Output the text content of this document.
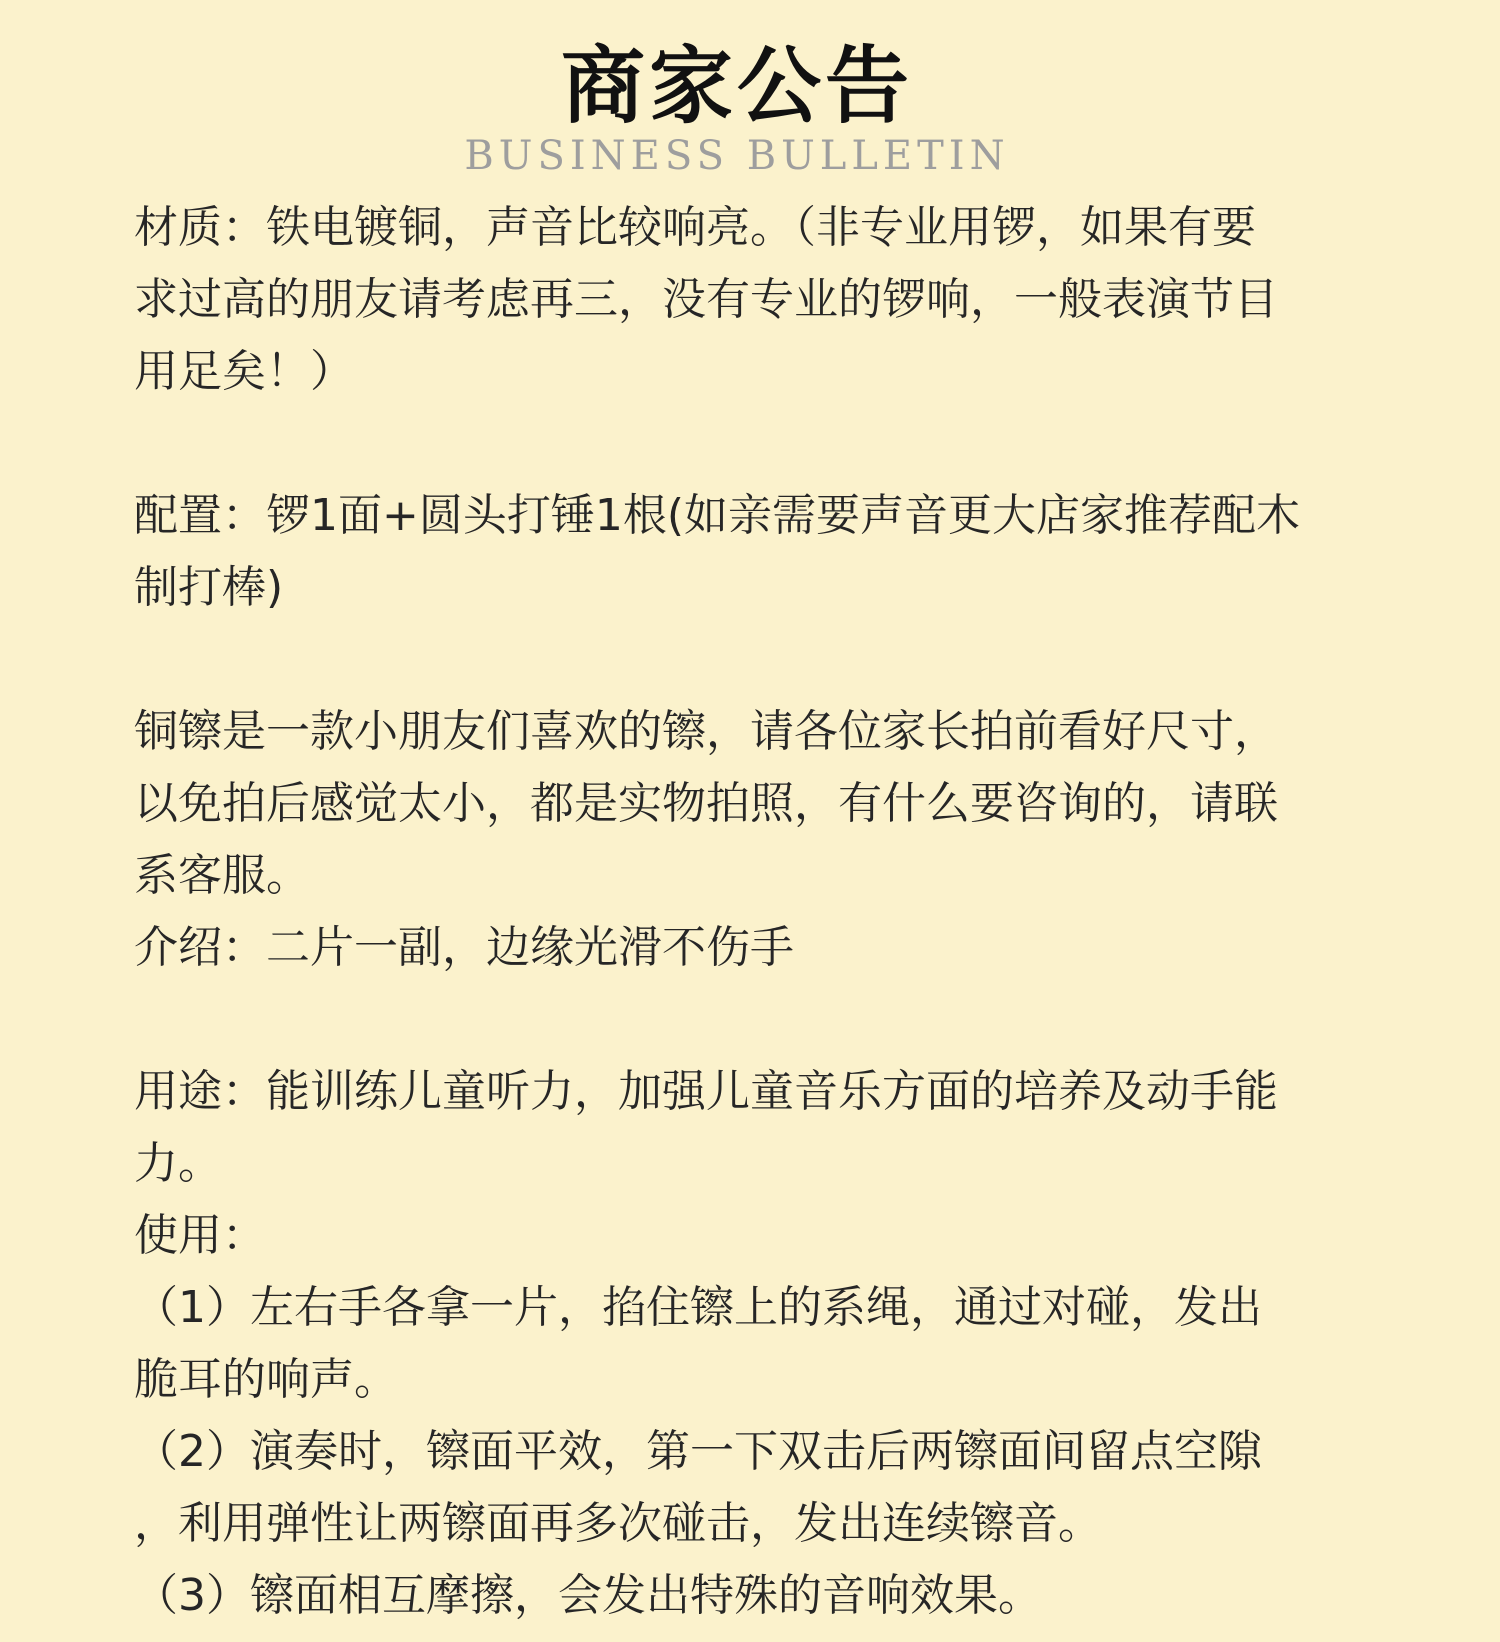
商家公告
BUSINESS BULLETIN
材质：铁电镀铜，声音比较响亮。（非专业用锣，如果有要
求过高的朋友请考虑再三，没有专业的锣响，一般表演节目
用足矣！）
配置：锣1面+圆头打锤1根(如亲需要声音更大店家推荐配木
制打棒)
铜镲是一款小朋友们喜欢的镲，请各位家长拍前看好尺寸，
以免拍后感觉太小，都是实物拍照，有什么要咨询的，请联
系客服。
介绍：二片一副，边缘光滑不伤手
用途：能训练儿童听力，加强儿童音乐方面的培养及动手能
力。
使用：
（1）左右手各拿一片，掐住镲上的系绳，通过对碰，发出
脆耳的响声。
（2）演奏时，镲面平效，第一下双击后两镲面间留点空隙
，利用弹性让两镲面再多次碰击，发出连续镲音。
（3）镲面相互摩擦，会发出特殊的音响效果。
